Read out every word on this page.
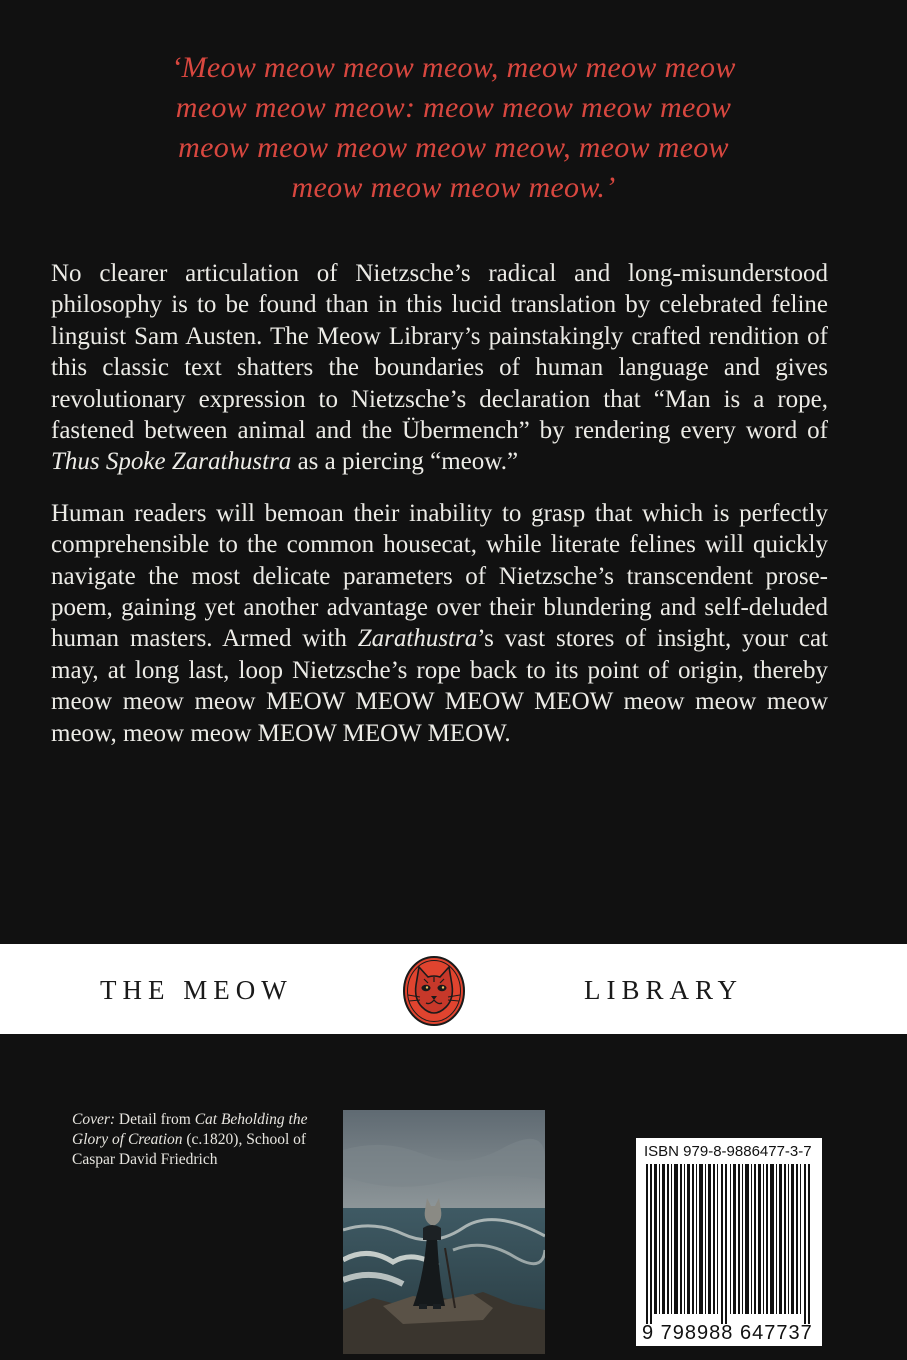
‘Meow meow meow meow, meow meow meow
meow meow meow: meow meow meow meow
meow meow meow meow meow, meow meow
meow meow meow meow.’

No clearer articulation of Nietzsche’s radical and long-misunderstood philosophy is to be found than in this lucid translation by celebrated feline linguist Sam Austen. The Meow Library’s painstakingly crafted rendition of this classic text shatters the boundaries of human language and gives revolutionary expression to Nietzsche’s declaration that “Man is a rope, fastened between animal and the Übermench” by rendering every word of Thus Spoke Zarathustra as a piercing “meow.”

Human readers will bemoan their inability to grasp that which is perfectly comprehensible to the common housecat, while literate felines will quickly navigate the most delicate parameters of Nietzsche’s transcendent prose-poem, gaining yet another advantage over their blundering and self-deluded human masters. Armed with Zarathustra’s vast stores of insight, your cat may, at long last, loop Nietzsche’s rope back to its point of origin, thereby meow meow meow MEOW MEOW MEOW MEOW meow meow meow meow, meow meow MEOW MEOW MEOW.

THE MEOW	LIBRARY
Cover: Detail from Cat Beholding the Glory of Creation (c.1820), School of Caspar David Friedrich	ISBN 979-8-9886477-3-7
9 798988 647737
